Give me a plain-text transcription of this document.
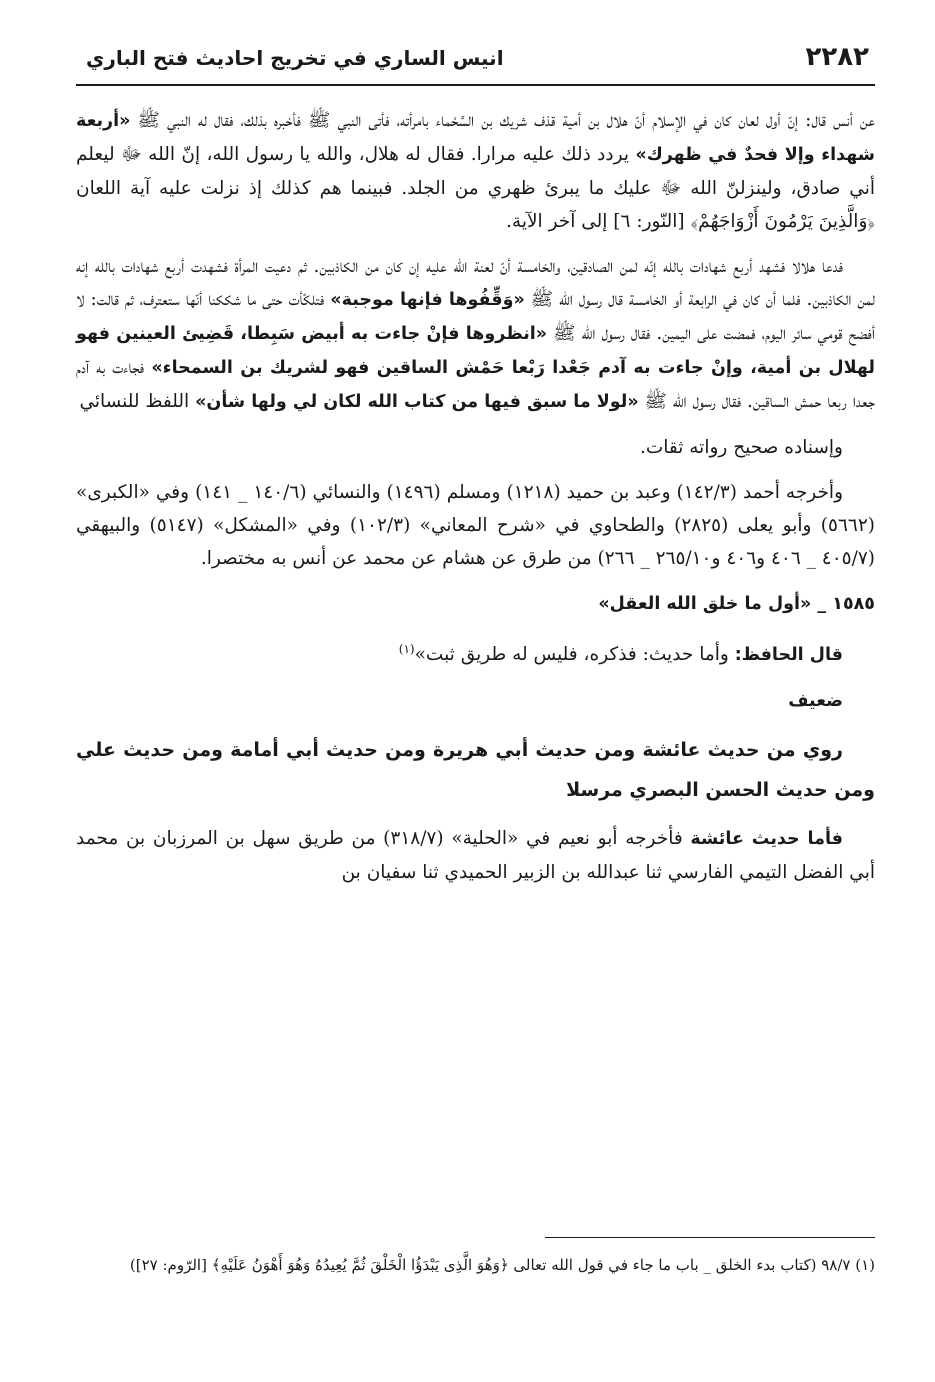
٢٢٨٢
انيس الساري في تخريج احاديث فتح الباري

عن أنس قال: إنّ أول لعان كان في الإسلام أنّ هلال بن أمية قذف شريك بن السَّحْماء بامرأته، فأتى النبي ﷺ فأخبره بذلك، فقال له النبي ﷺ «أربعة شهداء وإلا فحدٌ في ظهرك» يردد ذلك عليه مرارا. فقال له هلال، والله يا رسول الله، إنّ الله ﷻ ليعلم أني صادق، ولينزلنّ الله ﷻ عليك ما يبرئ ظهري من الجلد. فبينما هم كذلك إذ نزلت عليه آية اللعان ﴿وَالَّذِينَ يَرْمُونَ أَزْوَاجَهُمْ﴾ [النّور: ٦] إلى آخر الآية.

فدعا هلالا فشهد أربع شهادات بالله إنّه لمن الصادقين، والخامسة أنّ لعنة الله عليه إن كان من الكاذبين. ثم دعيت المرأة فشهدت أربع شهادات بالله إنه لمن الكاذبين. فلما أن كان في الرابعة أو الخامسة قال رسول الله ﷺ «وَقِّفُوها فإنها موجبة» فتلكّأت حتى ما شككنا أنّها ستعترف، ثم قالت: لا أفضح قومي سائر اليوم، فمضت على اليمين. فقال رسول الله ﷺ «انظروها فإنْ جاءت به أبيض سَبِطا، قَضِيئ العينين فهو لهلال بن أمية، وإنْ جاءت به آدم جَعْدا رَبْعا حَمْش الساقين فهو لشريك بن السمحاء» فجاءت به آدم جعدا ربعا حمش الساقين. فقال رسول الله ﷺ «لولا ما سبق فيها من كتاب الله لكان لي ولها شأن» اللفظ للنسائي

وإسناده صحيح رواته ثقات.

وأخرجه أحمد (١٤٢/٣) وعبد بن حميد (١٢١٨) ومسلم (١٤٩٦) والنسائي (١٤٠/٦ _ ١٤١) وفي «الكبرى» (٥٦٦٢) وأبو يعلى (٢٨٢٥) والطحاوي في «شرح المعاني» (١٠٢/٣) وفي «المشكل» (٥١٤٧) والبيهقي (٤٠٥/٧ _ ٤٠٦ و٤٠٦ و٢٦٥/١٠ _ ٢٦٦) من طرق عن هشام عن محمد عن أنس به مختصرا.

١٥٨٥ _ «أول ما خلق الله العقل»

قال الحافظ: وأما حديث: فذكره، فليس له طريق ثبت»$^{(١)}$

ضعيف

روي من حديث عائشة ومن حديث أبي هريرة ومن حديث أبي أمامة ومن حديث علي ومن حديث الحسن البصري مرسلا

فأما حديث عائشة فأخرجه أبو نعيم في «الحلية» (٣١٨/٧) من طريق سهل بن المرزبان بن محمد أبي الفضل التيمي الفارسي ثنا عبدالله بن الزبير الحميدي ثنا سفيان بن

(١) ٩٨/٧ (كتاب بدء الخلق _ باب ما جاء في قول الله تعالى ﴿وَهُوَ الَّذِى يَبْدَؤُا الْخَلْقَ ثُمَّ يُعِيدُهُ وَهُوَ أَهْوَنُ عَلَيْهِ﴾ [الرّوم: ٢٧])
